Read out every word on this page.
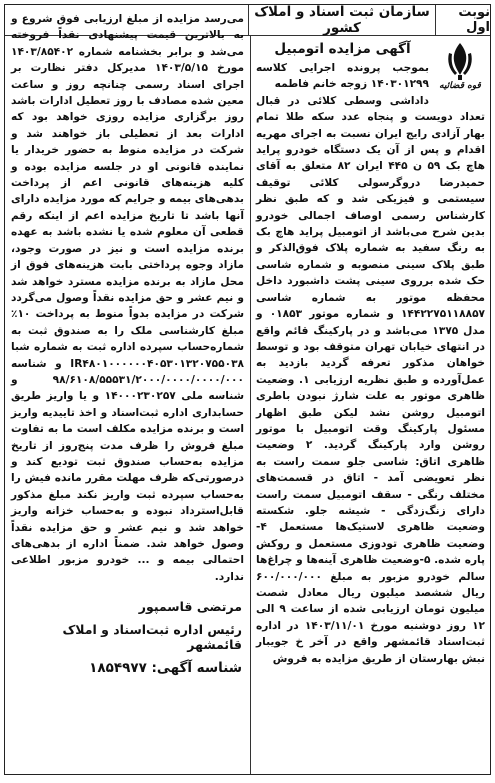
قوه قضائیه
آگهی مزایده اتومبیل

بموجب پرونده اجرایی کلاسه ۱۴۰۳۰۱۲۹۹ زوجه خانم فاطمه

داداشی وسطی کلائی در قبال تعداد دویست و پنجاه عدد سکه طلا تمام بهار آزادی رایج ایران نسبت به اجرای مهریه اقدام و پس از آن یک دستگاه خودرو پراید هاچ بک ۵۹ ن ۴۴۵ ایران ۸۲ متعلق به آقای حمیدرضا دروگرسولی کلائی توقیف سیستمی و فیزیکی شد و که طبق نظر کارشناس رسمی اوصاف اجمالی خودرو بدین شرح می‌باشد از اتومبیل پراید هاچ بک به رنگ سفید به شماره پلاک فوق‌الذکر و طبق پلاک سینی منصوبه و شماره شاسی حک شده برروی سینی پشت داشبورد داخل محفظه موتور به شماره شاسی ۱۴۴۲۲۷۵۱۱۸۸۵۷ و شماره موتور ۰۱۸۵۳ و مدل ۱۳۷۵ می‌باشد و در پارکینگ قائم واقع در انتهای خیابان تهران متوقف بود و توسط خواهان مذکور تعرفه گردید بازدید به عمل‌آورده و طبق نظریه ارزیابی ۱. وضعیت ظاهری موتور به علت شارژ نبودن باطری اتومبیل روشن نشد لیکن طبق اظهار مسئول پارکینگ وقت اتومبیل با موتور روشن وارد پارکینگ گردید. ۲ وضعیت ظاهری اتاق: شاسی جلو سمت راست به نظر تعویضی آمد - اتاق در قسمت‌های مختلف رنگی - سقف اتومبیل سمت راست دارای زنگ‌زدگی - شیشه جلو. شکسته وضعیت ظاهری لاستیک‌ها مستعمل ۴- وضعیت ظاهری تودوزی مستعمل و روکش پاره شده. ۵-وضعیت ظاهری آینه‌ها و چراغ‌ها سالم خودرو مزبور به مبلغ ۶۰۰/۰۰۰/۰۰۰ ریال ششصد میلیون ریال معادل شصت میلیون تومان ارزیابی شده از ساعت ۹ الی ۱۲ روز دوشنبه مورخ ۱۴۰۳/۱۱/۰۱ در اداره ثبت‌اسناد قائمشهر واقع در آخر خ جویبار نبش بهارستان از طریق مزایده به فروش

نوبت اول
سازمان ثبت اسناد و املاک کشور

می‌رسد مزایده از مبلغ ارزیابی فوق شروع و به بالاترین قیمت پیشنهادی نقداً فروخته می‌شد و برابر بخشنامه شماره ۱۴۰۳/۸۵۴۰۲ مورخ ۱۴۰۳/۵/۱۵ مدیرکل دفتر نظارت بر اجرای اسناد رسمی چنانچه روز و ساعت معین شده مصادف با روز تعطیل ادارات باشد روز برگزاری مزایده روزی خواهد بود که ادارات بعد از تعطیلی باز خواهند شد و شرکت در مزایده منوط به حضور خریدار یا نماینده قانونی او در جلسه مزایده بوده و کلیه هزینه‌های قانونی اعم از پرداخت بدهی‌های بیمه و جرایم که مورد مزایده دارای آنها باشد تا تاریخ مزایده اعم از اینکه رقم قطعی آن معلوم شده یا نشده باشد به عهده برنده مزایده است و نیز در صورت وجود، مازاد وجوه پرداختی بابت هزینه‌های فوق از محل مازاد به برنده مزایده مسترد خواهد شد و نیم عشر و حق مزایده نقداً وصول می‌گردد شرکت در مزایده بدواً منوط به پرداخت ۱۰٪ مبلغ کارشناسی ملک را به صندوق ثبت به شماره‌حساب سپرده اداره ثبت به شماره شبا IR۴۸۰۱۰۰۰۰۰۰۴۰۵۳۰۱۳۲۰۷۵۵۰۳۸ و شناسه ۹۸/۶۱۰۸/۵۵۵۳۱/۲۰۰۰/۰۰۰۰/۰۰۰۰/۰۰۰ و شناسه ملی ۱۴۰۰۰۲۳۰۲۵۷ و یا واریز طریق حسابداری اداره ثبت‌اسناد و اخذ تاییدیه واریز است و برنده مزایده مکلف است ما به تفاوت مبلغ فروش را ظرف مدت پنج‌روز از تاریخ مزایده به‌حساب صندوق ثبت تودیع کند و درصورتی‌که ظرف مهلت مقرر مانده فیش را به‌حساب سپرده ثبت واریز نکند مبلغ مذکور قابل‌استرداد نبوده و به‌حساب خزانه واریز خواهد شد و نیم عشر و حق مزایده نقداً وصول خواهد شد. ضمناً اداره از بدهی‌های احتمالی بیمه و ... خودرو مزبور اطلاعی ندارد.

مرتضی قاسمپور
رئیس اداره ثبت‌اسناد و املاک قائمشهر
شناسه آگهی: ۱۸۵۴۹۷۷
